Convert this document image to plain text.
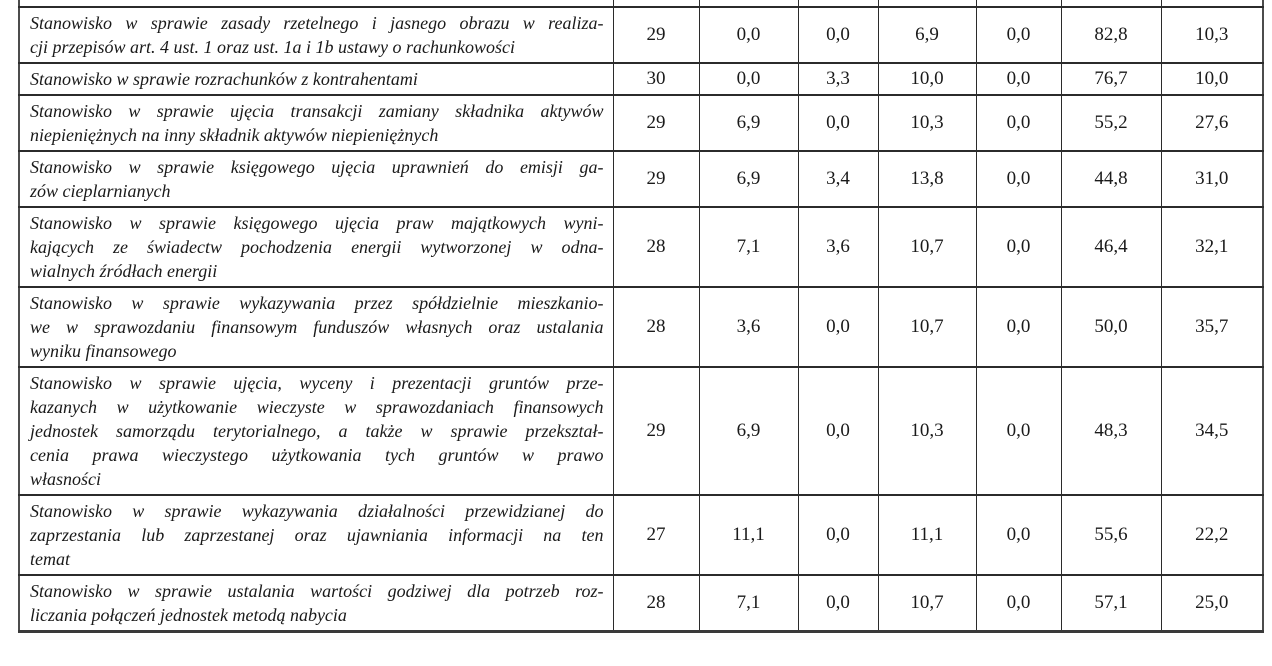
Stanowisko w sprawie zasady rzetelnego i jasnego obrazu w realiza-
cji przepisów art. 4 ust. 1 oraz ust. 1a i 1b ustawy o rachunkowości	29	0,0	0,0	6,9	0,0	82,8	10,3

Stanowisko w sprawie rozrachunków z kontrahentami	30	0,0	3,3	10,0	0,0	76,7	10,0

Stanowisko w sprawie ujęcia transakcji zamiany składnika aktywów
niepieniężnych na inny składnik aktywów niepieniężnych	29	6,9	0,0	10,3	0,0	55,2	27,6

Stanowisko w sprawie księgowego ujęcia uprawnień do emisji ga-
zów cieplarnianych	29	6,9	3,4	13,8	0,0	44,8	31,0

Stanowisko w sprawie księgowego ujęcia praw majątkowych wyni-
kających ze świadectw pochodzenia energii wytworzonej w odna-
wialnych źródłach energii	28	7,1	3,6	10,7	0,0	46,4	32,1

Stanowisko w sprawie wykazywania przez spółdzielnie mieszkanio-
we w sprawozdaniu finansowym funduszów własnych oraz ustalania
wyniku finansowego	28	3,6	0,0	10,7	0,0	50,0	35,7

Stanowisko w sprawie ujęcia, wyceny i prezentacji gruntów prze-
kazanych w użytkowanie wieczyste w sprawozdaniach finansowych
jednostek samorządu terytorialnego, a także w sprawie przekształ-
cenia prawa wieczystego użytkowania tych gruntów w prawo
własności	29	6,9	0,0	10,3	0,0	48,3	34,5

Stanowisko w sprawie wykazywania działalności przewidzianej do
zaprzestania lub zaprzestanej oraz ujawniania informacji na ten
temat	27	11,1	0,0	11,1	0,0	55,6	22,2

Stanowisko w sprawie ustalania wartości godziwej dla potrzeb roz-
liczania połączeń jednostek metodą nabycia	28	7,1	0,0	10,7	0,0	57,1	25,0
